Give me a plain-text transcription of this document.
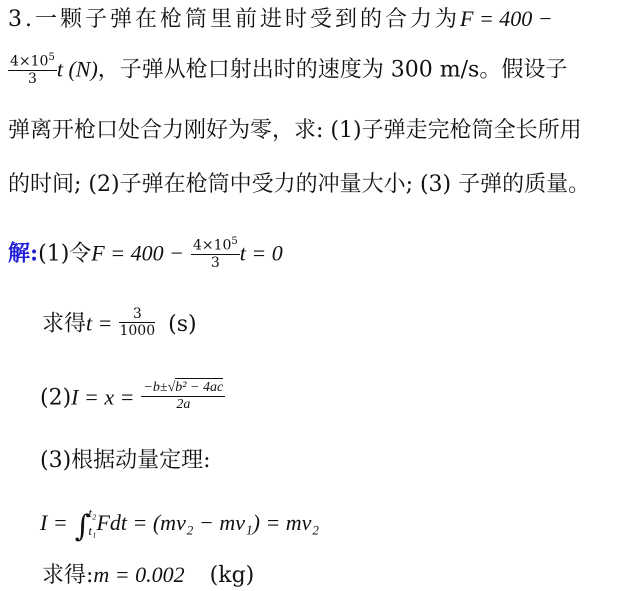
3.一颗子弹在枪筒里前进时受到的合力为F = 400 −
$\frac{4\times 10^5}{3}$ t (N)，子弹从枪口射出时的速度为 300 m/s。假设子
弹离开枪口处合力刚好为零，求: (1)子弹走完枪筒全长所用
的时间; (2)子弹在枪筒中受力的冲量大小; (3) 子弹的质量。
解:(1)令$F = 400 - \frac{4\times 10^5}{3}$ t = 0
求得$t = \frac{3}{1000} (s)$
$(2)I = x = \frac{\text{−b±√b² − 4ac}}{2a}$
(3)根据动量定理:
I = ∫
t₂
t₁ Fdt = (mv₂ − mv₁) = mv₂
求得:m = 0.002 (kg)
